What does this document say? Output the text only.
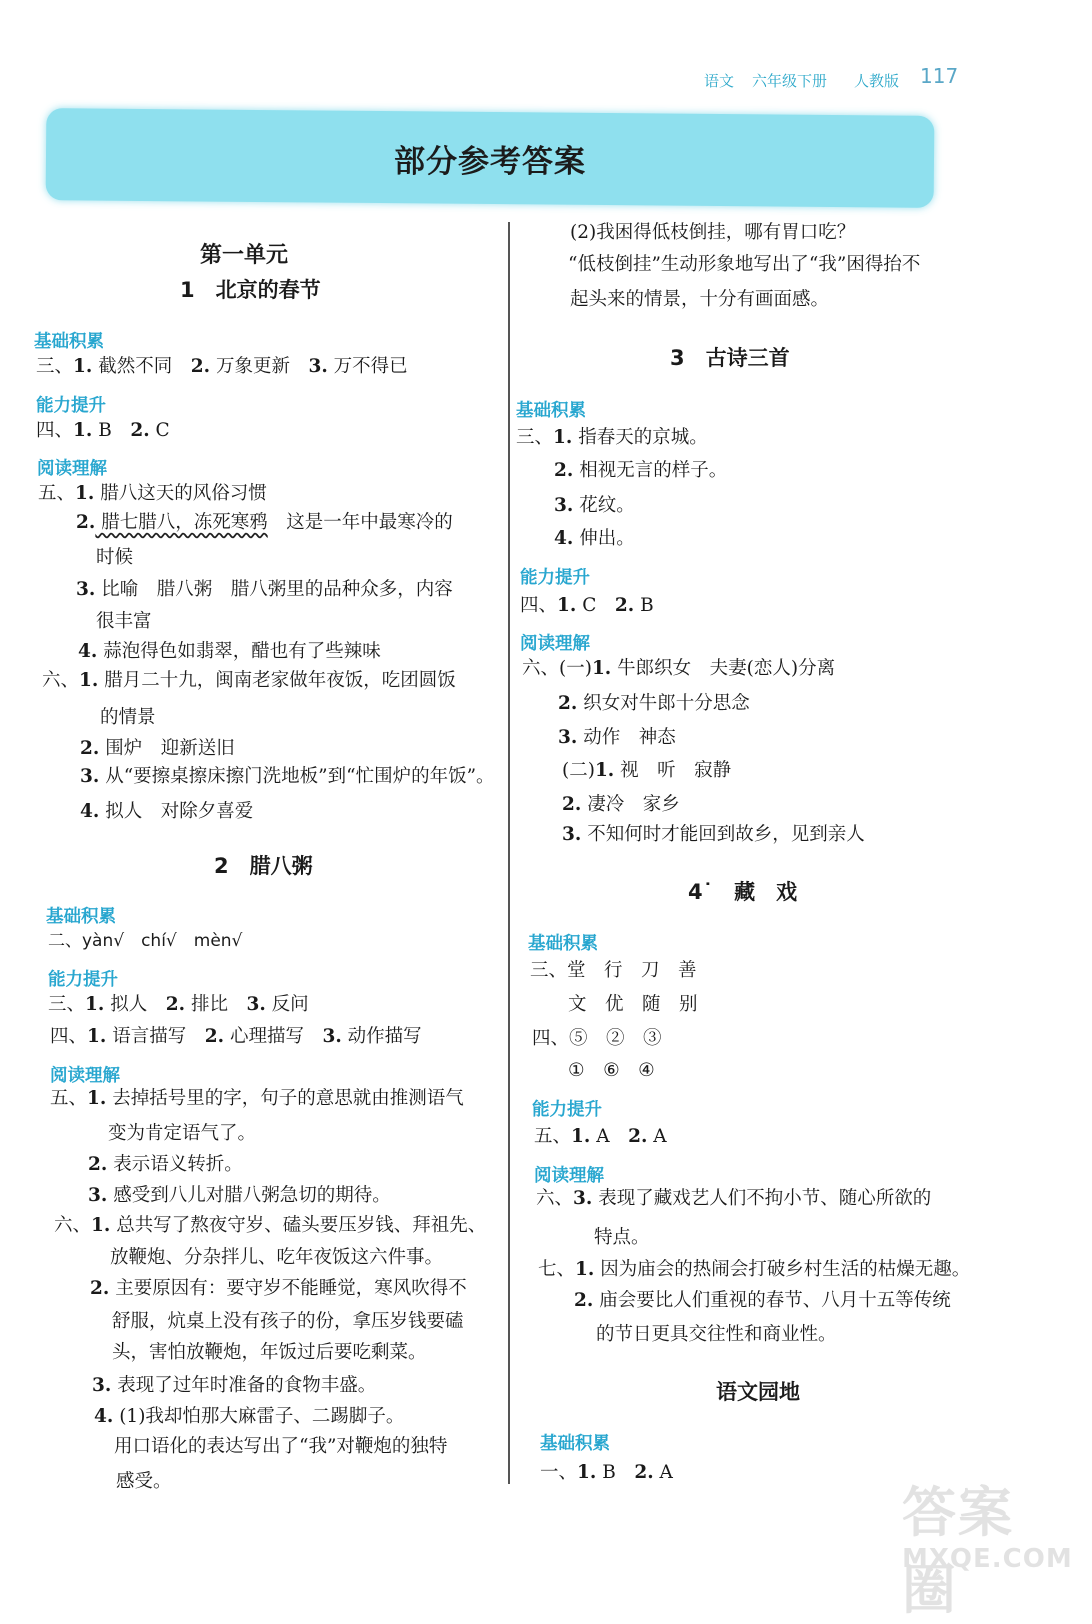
语文 六年级下册 人教版 117
部分参考答案
第一单元
1　北京的春节
基础积累
三、1. 截然不同　2. 万象更新　3. 万不得已
能力提升
四、1. B　2. C
阅读理解
五、1. 腊八这天的风俗习惯
2. 腊七腊八，冻死寒鸦　这是一年中最寒冷的
时候
3. 比喻　腊八粥　腊八粥里的品种众多，内容
很丰富
4. 蒜泡得色如翡翠，醋也有了些辣味
六、1. 腊月二十九，闽南老家做年夜饭，吃团圆饭
的情景
2. 围炉　迎新送旧
3. 从“要擦桌擦床擦门洗地板”到“忙围炉的年饭”。
4. 拟人　对除夕喜爱
2　腊八粥
基础积累
二、yàn√　chí√　mèn√
能力提升
三、1. 拟人　2. 排比　3. 反问
四、1. 语言描写　2. 心理描写　3. 动作描写
阅读理解
五、1. 去掉括号里的字，句子的意思就由推测语气
变为肯定语气了。
2. 表示语义转折。
3. 感受到八儿对腊八粥急切的期待。
六、1. 总共写了熬夜守岁、磕头要压岁钱、拜祖先、
放鞭炮、分杂拌儿、吃年夜饭这六件事。
2. 主要原因有：要守岁不能睡觉，寒风吹得不
舒服，炕桌上没有孩子的份，拿压岁钱要磕
头，害怕放鞭炮，年饭过后要吃剩菜。
3. 表现了过年时准备的食物丰盛。
4. (1)我却怕那大麻雷子、二踢脚子。
用口语化的表达写出了“我”对鞭炮的独特
感受。
(2)我困得低枝倒挂，哪有胃口吃？
“低枝倒挂”生动形象地写出了“我”困得抬不
起头来的情景，十分有画面感。
3　古诗三首
基础积累
三、1. 指春天的京城。
2. 相视无言的样子。
3. 花纹。
4. 伸出。
能力提升
四、1. C　2. B
阅读理解
六、(一)1. 牛郎织女　夫妻(恋人)分离
2. 织女对牛郎十分思念
3. 动作　神态
(二)1. 视　听　寂静
2. 凄冷　家乡
3. 不知何时才能回到故乡，见到亲人
4˙　藏　戏
基础积累
三、堂　行　刀　善
文　优　随　别
四、⑤　②　③
①　⑥　④
能力提升
五、1. A　2. A
阅读理解
六、3. 表现了藏戏艺人们不拘小节、随心所欲的
特点。
七、1. 因为庙会的热闹会打破乡村生活的枯燥无趣。
2. 庙会要比人们重视的春节、八月十五等传统
的节日更具交往性和商业性。
语文园地
基础积累
一、1. B　2. A
答案圈
MXQE.COM
